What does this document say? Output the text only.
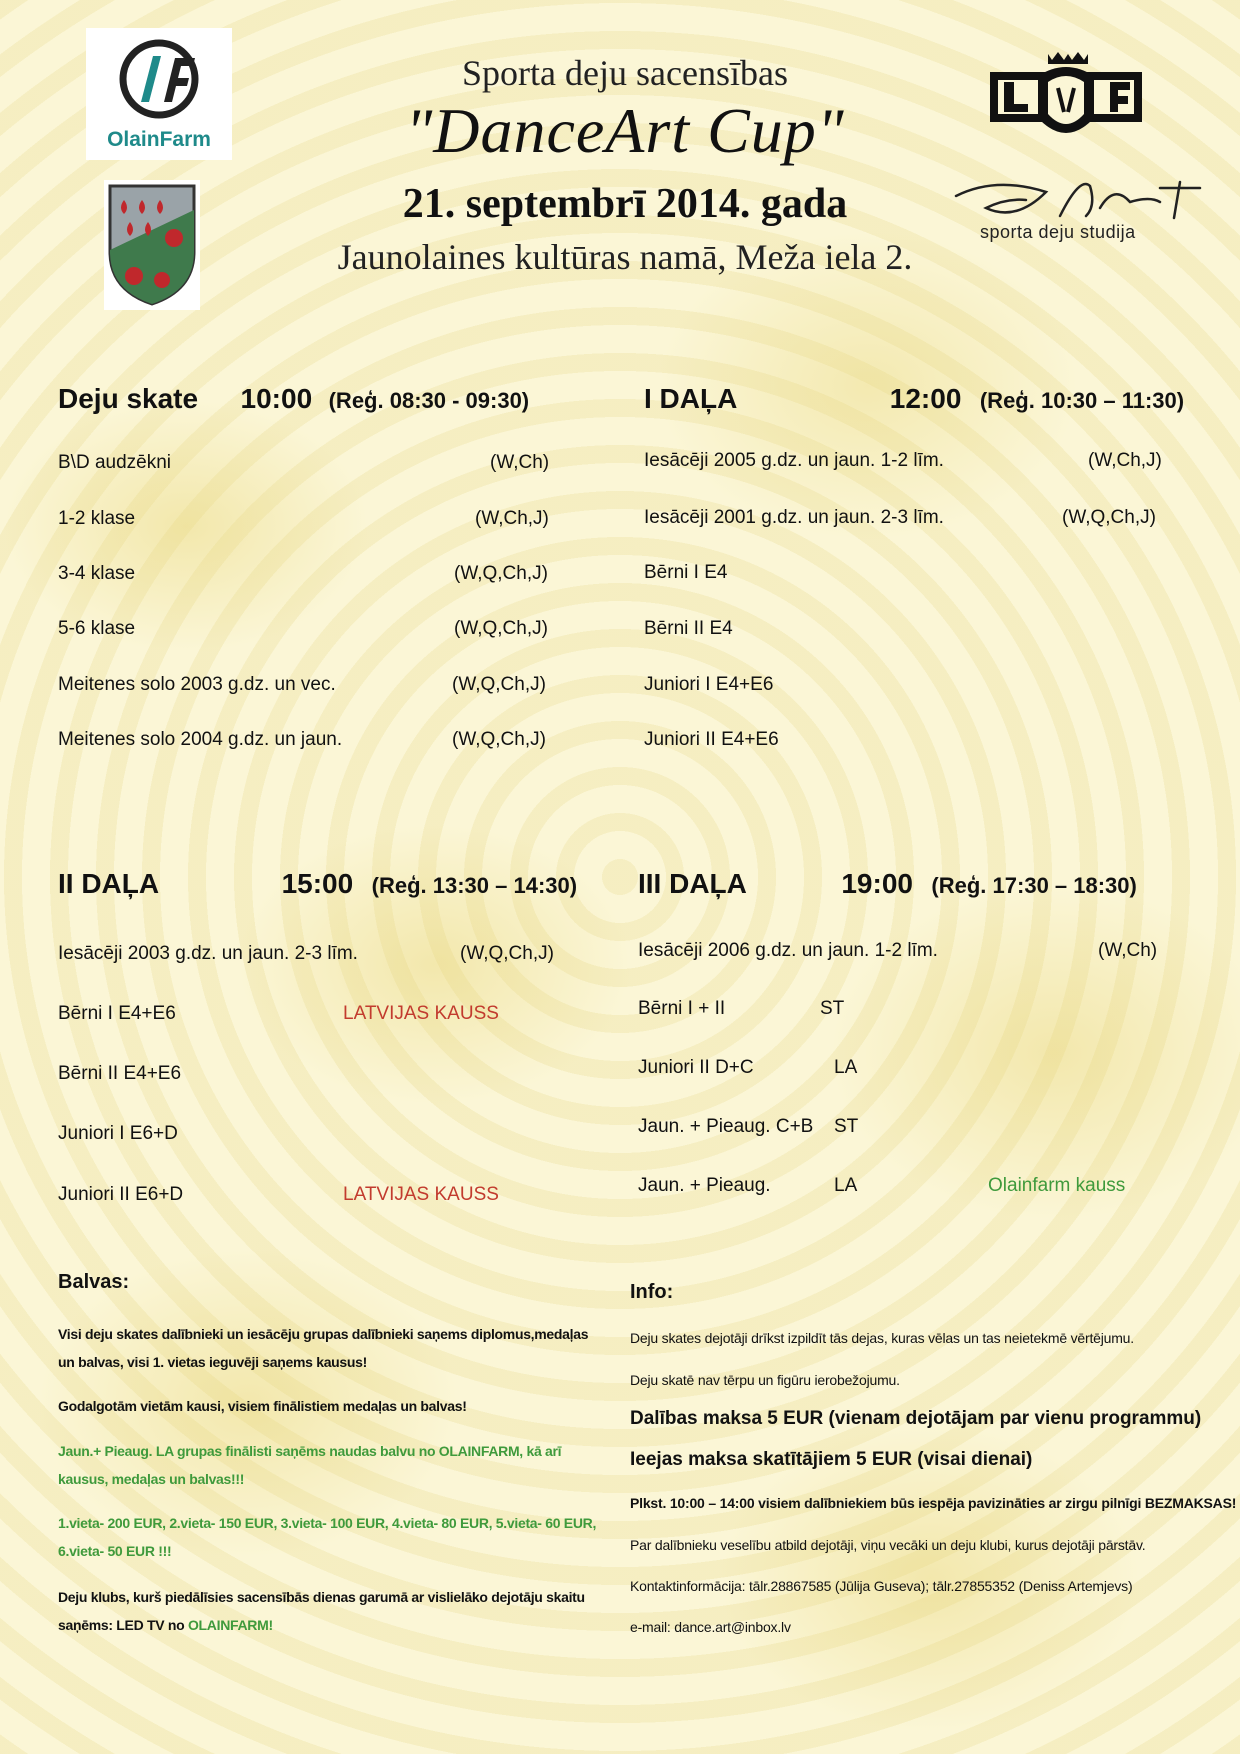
OlainFarm
sporta deju studija
Sporta deju sacensības
"DanceArt Cup"
21. septembrī 2014. gada
Jaunolaines kultūras namā, Meža iela 2.
Deju skate 10:00 (Reģ. 08:30 - 09:30)
B\D audzēkni	(W,Ch)
1-2 klase	(W,Ch,J)
3-4 klase	(W,Q,Ch,J)
5-6 klase	(W,Q,Ch,J)
Meitenes solo 2003 g.dz. un vec.	(W,Q,Ch,J)
Meitenes solo 2004 g.dz. un jaun.	(W,Q,Ch,J)
I DAĻA	12:00 (Reģ. 10:30 – 11:30)
Iesācēji 2005 g.dz. un jaun. 1-2 līm.	(W,Ch,J)
Iesācēji 2001 g.dz. un jaun. 2-3 līm.	(W,Q,Ch,J)
Bērni I E4
Bērni II E4
Juniori I E4+E6
Juniori II E4+E6
II DAĻA	15:00 (Reģ. 13:30 – 14:30)
Iesācēji 2003 g.dz. un jaun. 2-3 līm.	(W,Q,Ch,J)
Bērni I E4+E6	LATVIJAS KAUSS
Bērni II E4+E6
Juniori I E6+D
Juniori II E6+D	LATVIJAS KAUSS
III DAĻA	19:00 (Reģ. 17:30 – 18:30)
Iesācēji 2006 g.dz. un jaun. 1-2 līm.	(W,Ch)
Bērni I + II	ST
Juniori II D+C	LA
Jaun. + Pieaug. C+B ST
Jaun. + Pieaug.	LA	Olainfarm kauss
Balvas:
Visi deju skates dalībnieki un iesācēju grupas dalībnieki saņems diplomus,medaļas un balvas, visi 1. vietas ieguvēji saņems kausus!
Godalgotām vietām kausi, visiem finālistiem medaļas un balvas!
Jaun.+ Pieaug. LA grupas finālisti saņēms naudas balvu no OLAINFARM, kā arī kausus, medaļas un balvas!!!
1.vieta- 200 EUR, 2.vieta- 150 EUR, 3.vieta- 100 EUR, 4.vieta- 80 EUR, 5.vieta- 60 EUR, 6.vieta- 50 EUR !!!
Deju klubs, kurš piedālīsies sacensībās dienas garumā ar vislielāko dejotāju skaitu saņēms: LED TV no OLAINFARM!
Info:
Deju skates dejotāji drīkst izpildīt tās dejas, kuras vēlas un tas neietekmē vērtējumu.
Deju skatē nav tērpu un figūru ierobežojumu.
Dalības maksa 5 EUR (vienam dejotājam par vienu programmu)
Ieejas maksa skatītājiem 5 EUR (visai dienai)
Plkst. 10:00 – 14:00 visiem dalībniekiem būs iespēja pavizināties ar zirgu pilnīgi BEZMAKSAS!
Par dalībnieku veselību atbild dejotāji, viņu vecāki un deju klubi, kurus dejotāji pārstāv.
Kontaktinformācija: tālr.28867585 (Jūlija Guseva); tālr.27855352 (Deniss Artemjevs)
e-mail: dance.art@inbox.lv
